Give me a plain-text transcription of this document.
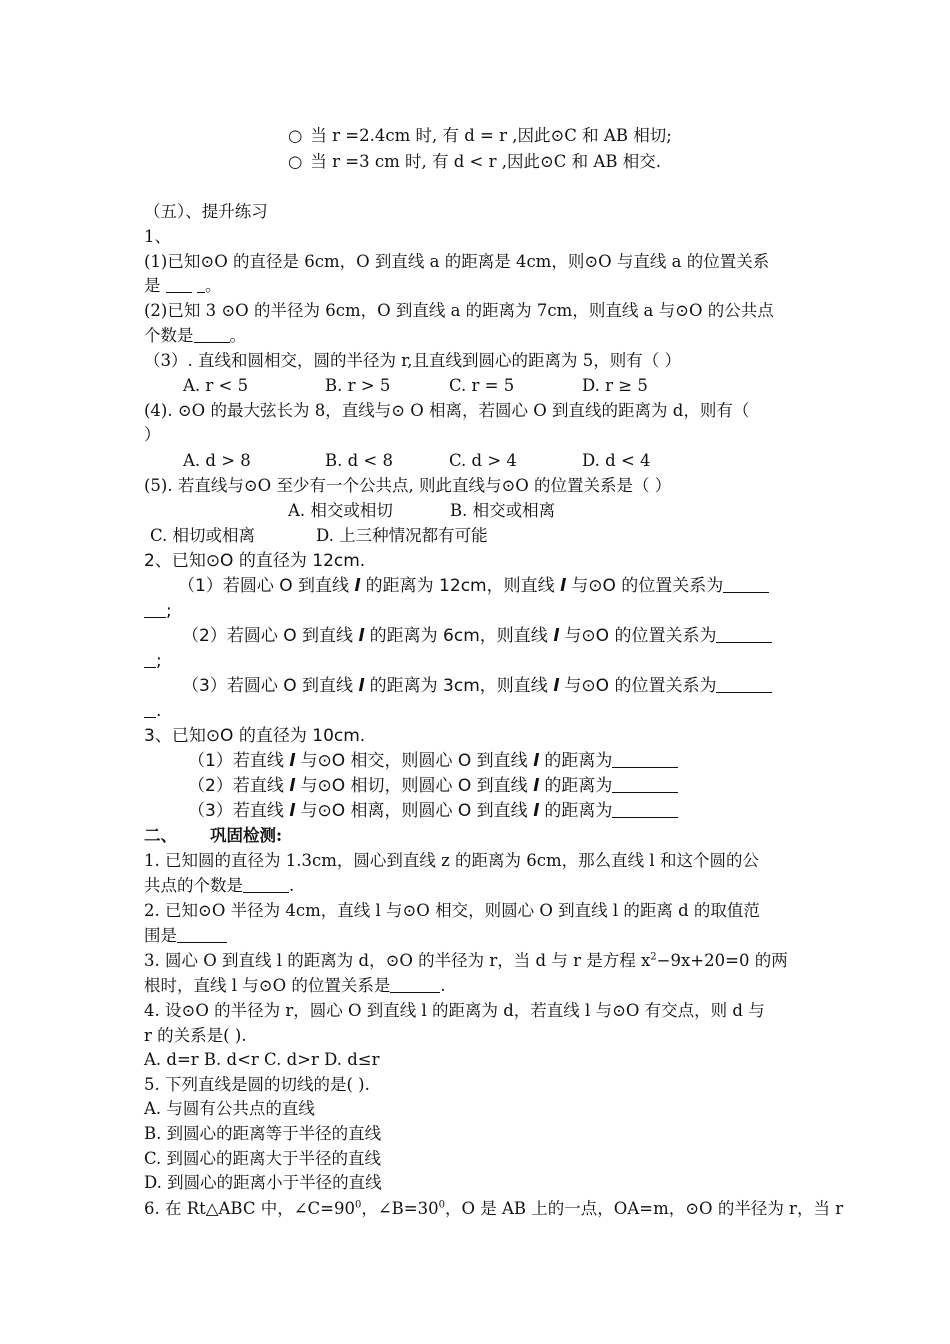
○ 当 r =2.4cm 时, 有 d = r ,因此⊙C 和 AB 相切;
○ 当 r =3 cm 时, 有 d < r ,因此⊙C 和 AB 相交.
（五）、提升练习
1、
(1)已知⊙O 的直径是 6cm，O 到直线 a 的距离是 4cm，则⊙O 与直线 a 的位置关系
是  。
(2)已知 3 ⊙O 的半径为 6cm，O 到直线 a 的距离为 7cm，则直线 a 与⊙O 的公共点
个数是 。
（3）. 直线和圆相交，圆的半径为 r,且直线到圆心的距离为 5，则有（ ）
A. r < 5	B. r > 5	C. r = 5	D. r ≥ 5
(4). ⊙O 的最大弦长为 8，直线与⊙ O 相离，若圆心 O 到直线的距离为 d，则有（
）
A. d > 8	B. d < 8	C. d > 4	D. d < 4
(5). 若直线与⊙O 至少有一个公共点, 则此直线与⊙O 的位置关系是（ ）
A. 相交或相切	B. 相交或相离
C. 相切或相离	D. 上三种情况都有可能
2、已知⊙O 的直径为 12cm.
（1）若圆心 O 到直线 l 的距离为 12cm，则直线 l 与⊙O 的位置关系为
;
（2）若圆心 O 到直线 l 的距离为 6cm，则直线 l 与⊙O 的位置关系为
;
（3）若圆心 O 到直线 l 的距离为 3cm，则直线 l 与⊙O 的位置关系为
.
3、已知⊙O 的直径为 10cm.
（1）若直线 l 与⊙O 相交，则圆心 O 到直线 l 的距离为
（2）若直线 l 与⊙O 相切，则圆心 O 到直线 l 的距离为
（3）若直线 l 与⊙O 相离，则圆心 O 到直线 l 的距离为
二、 巩固检测:
1. 已知圆的直径为 1.3cm，圆心到直线 z 的距离为 6cm，那么直线 l 和这个圆的公
共点的个数是	.
2. 已知⊙O 半径为 4cm，直线 l 与⊙O 相交，则圆心 O 到直线 l 的距离 d 的取值范
围是
3. 圆心 O 到直线 l 的距离为 d，⊙O 的半径为 r，当 d 与 r 是方程 $x^2-9x+20=0$ 的两
根时，直线 l 与⊙O 的位置关系是	.
4. 设⊙O 的半径为 r，圆心 O 到直线 l 的距离为 d，若直线 l 与⊙O 有交点，则 d 与
r 的关系是( ).
A. d=r B. d<r C. d>r D. d≤r
5. 下列直线是圆的切线的是( ).
A. 与圆有公共点的直线
B. 到圆心的距离等于半径的直线
C. 到圆心的距离大于半径的直线
D. 到圆心的距离小于半径的直线
6. 在 Rt△ABC 中，$\angle C=90^0$，$\angle B=30^0$，O 是 AB 上的一点，OA=m，⊙O 的半径为 r，当 r
